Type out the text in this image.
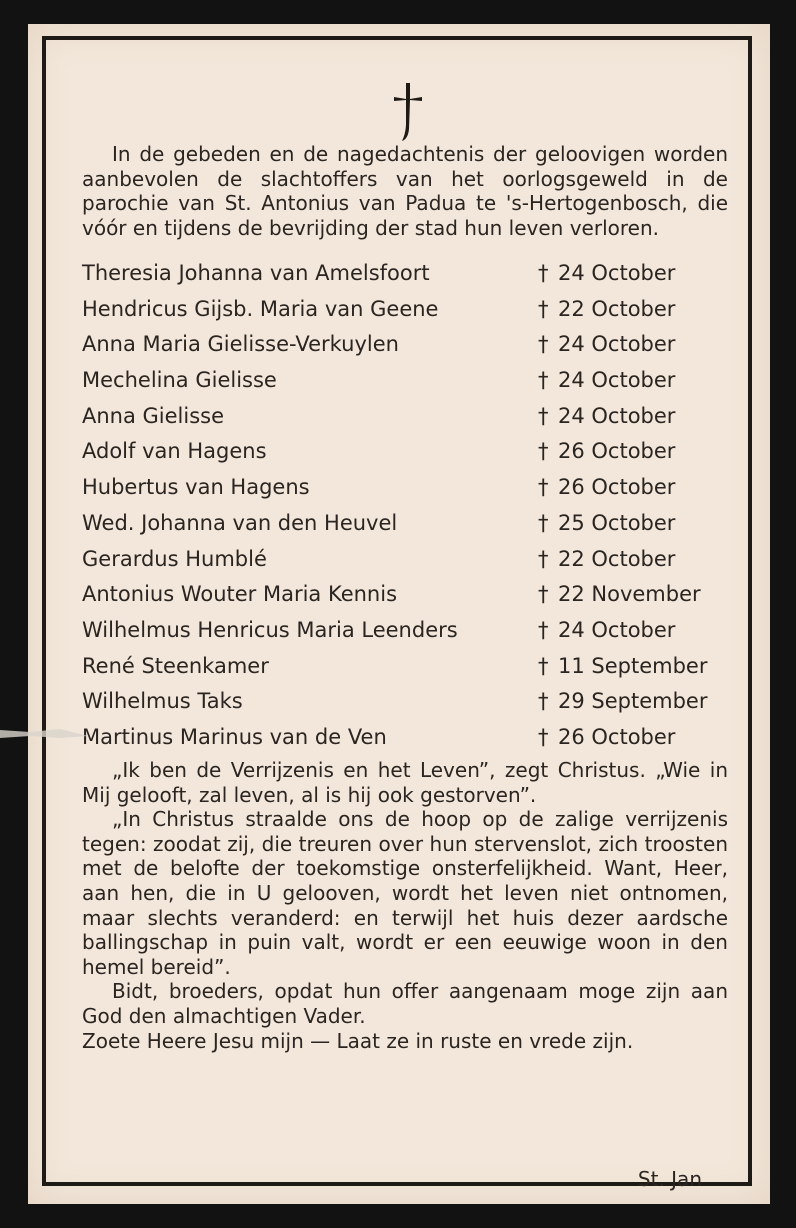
In de gebeden en de nagedachtenis der geloovigen worden aanbevolen de slachtoffers van het oorlogsgeweld in de parochie van St. Antonius van Padua te 's-Hertogenbosch, die vóór en tijdens de bevrijding der stad hun leven verloren.

Theresia Johanna van Amelsfoort	† 24 October
Hendricus Gijsb. Maria van Geene	† 22 October
Anna Maria Gielisse-Verkuylen	† 24 October
Mechelina Gielisse	† 24 October
Anna Gielisse	† 24 October
Adolf van Hagens	† 26 October
Hubertus van Hagens	† 26 October
Wed. Johanna van den Heuvel	† 25 October
Gerardus Humblé	† 22 October
Antonius Wouter Maria Kennis	† 22 November
Wilhelmus Henricus Maria Leenders	† 24 October
René Steenkamer	† 11 September
Wilhelmus Taks	† 29 September
Martinus Marinus van de Ven	† 26 October

„Ik ben de Verrijzenis en het Leven”, zegt Christus. „Wie in Mij gelooft, zal leven, al is hij ook gestorven”.

„In Christus straalde ons de hoop op de zalige verrijzenis tegen: zoodat zij, die treuren over hun stervenslot, zich troosten met de belofte der toekomstige onsterfelijkheid. Want, Heer, aan hen, die in U gelooven, wordt het leven niet ontnomen, maar slechts veranderd: en terwijl het huis dezer aardsche ballingschap in puin valt, wordt er een eeuwige woon in den hemel bereid”.

Bidt, broeders, opdat hun offer aangenaam moge zijn aan God den almachtigen Vader.

Zoete Heere Jesu mijn — Laat ze in ruste en vrede zijn.

St. Jan
